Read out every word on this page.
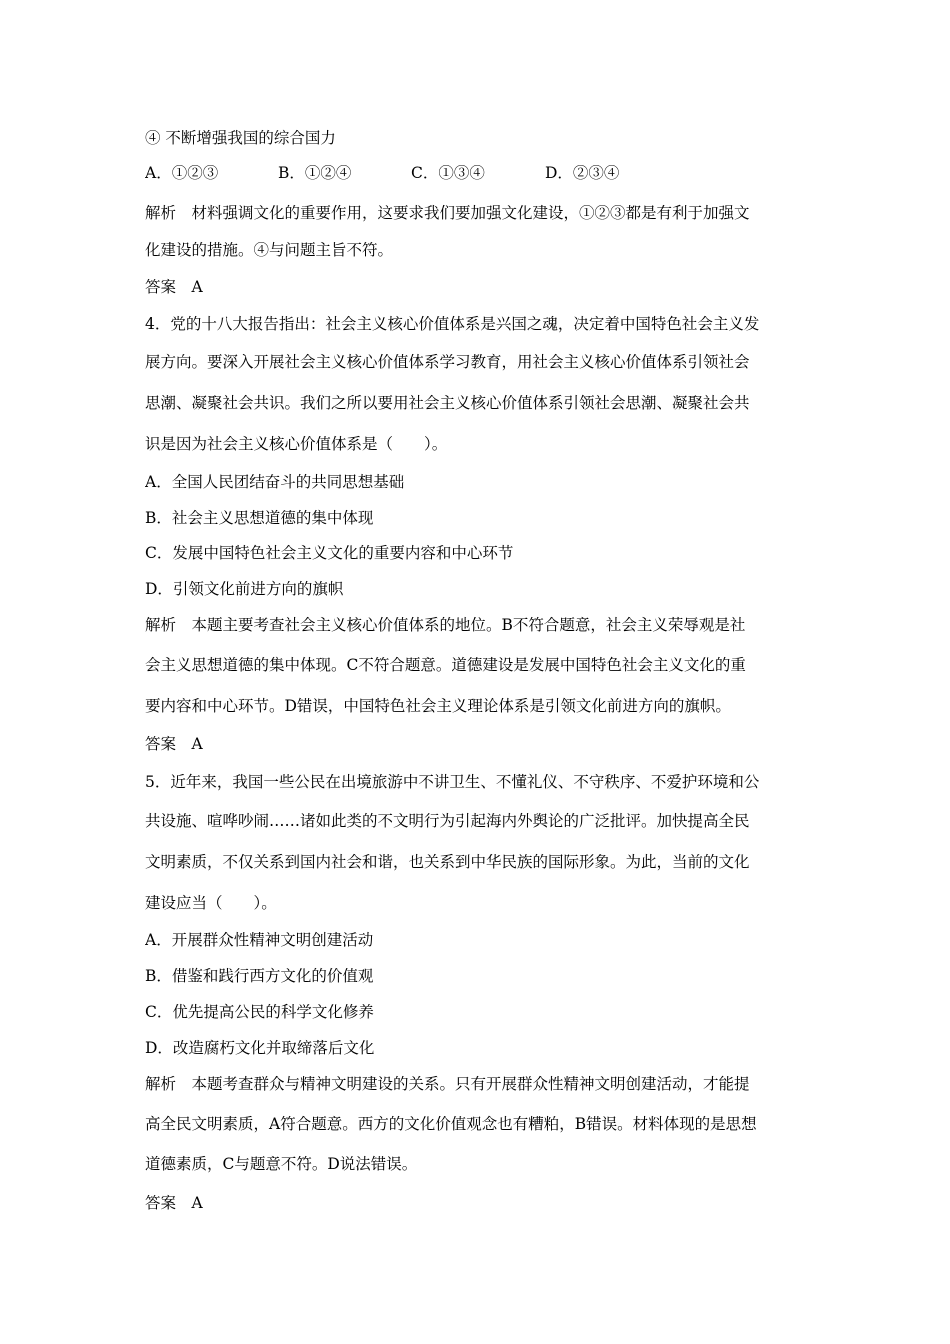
④ 不断增强我国的综合国力
A．①②③	B．①②④	C．①③④	D．②③④
解析　材料强调文化的重要作用，这要求我们要加强文化建设，①②③都是有利于加强文
化建设的措施。④与问题主旨不符。
答案　A
4．党的十八大报告指出：社会主义核心价值体系是兴国之魂，决定着中国特色社会主义发
展方向。要深入开展社会主义核心价值体系学习教育，用社会主义核心价值体系引领社会
思潮、凝聚社会共识。我们之所以要用社会主义核心价值体系引领社会思潮、凝聚社会共
识是因为社会主义核心价值体系是（　　）。
A．全国人民团结奋斗的共同思想基础
B．社会主义思想道德的集中体现
C．发展中国特色社会主义文化的重要内容和中心环节
D．引领文化前进方向的旗帜
解析　本题主要考查社会主义核心价值体系的地位。B不符合题意，社会主义荣辱观是社
会主义思想道德的集中体现。C不符合题意。道德建设是发展中国特色社会主义文化的重
要内容和中心环节。D错误，中国特色社会主义理论体系是引领文化前进方向的旗帜。
答案　A
5．近年来，我国一些公民在出境旅游中不讲卫生、不懂礼仪、不守秩序、不爱护环境和公
共设施、喧哗吵闹……诸如此类的不文明行为引起海内外舆论的广泛批评。加快提高全民
文明素质，不仅关系到国内社会和谐，也关系到中华民族的国际形象。为此，当前的文化
建设应当（　　）。
A．开展群众性精神文明创建活动
B．借鉴和践行西方文化的价值观
C．优先提高公民的科学文化修养
D．改造腐朽文化并取缔落后文化
解析　本题考查群众与精神文明建设的关系。只有开展群众性精神文明创建活动，才能提
高全民文明素质，A符合题意。西方的文化价值观念也有糟粕，B错误。材料体现的是思想
道德素质，C与题意不符。D说法错误。
答案　A
